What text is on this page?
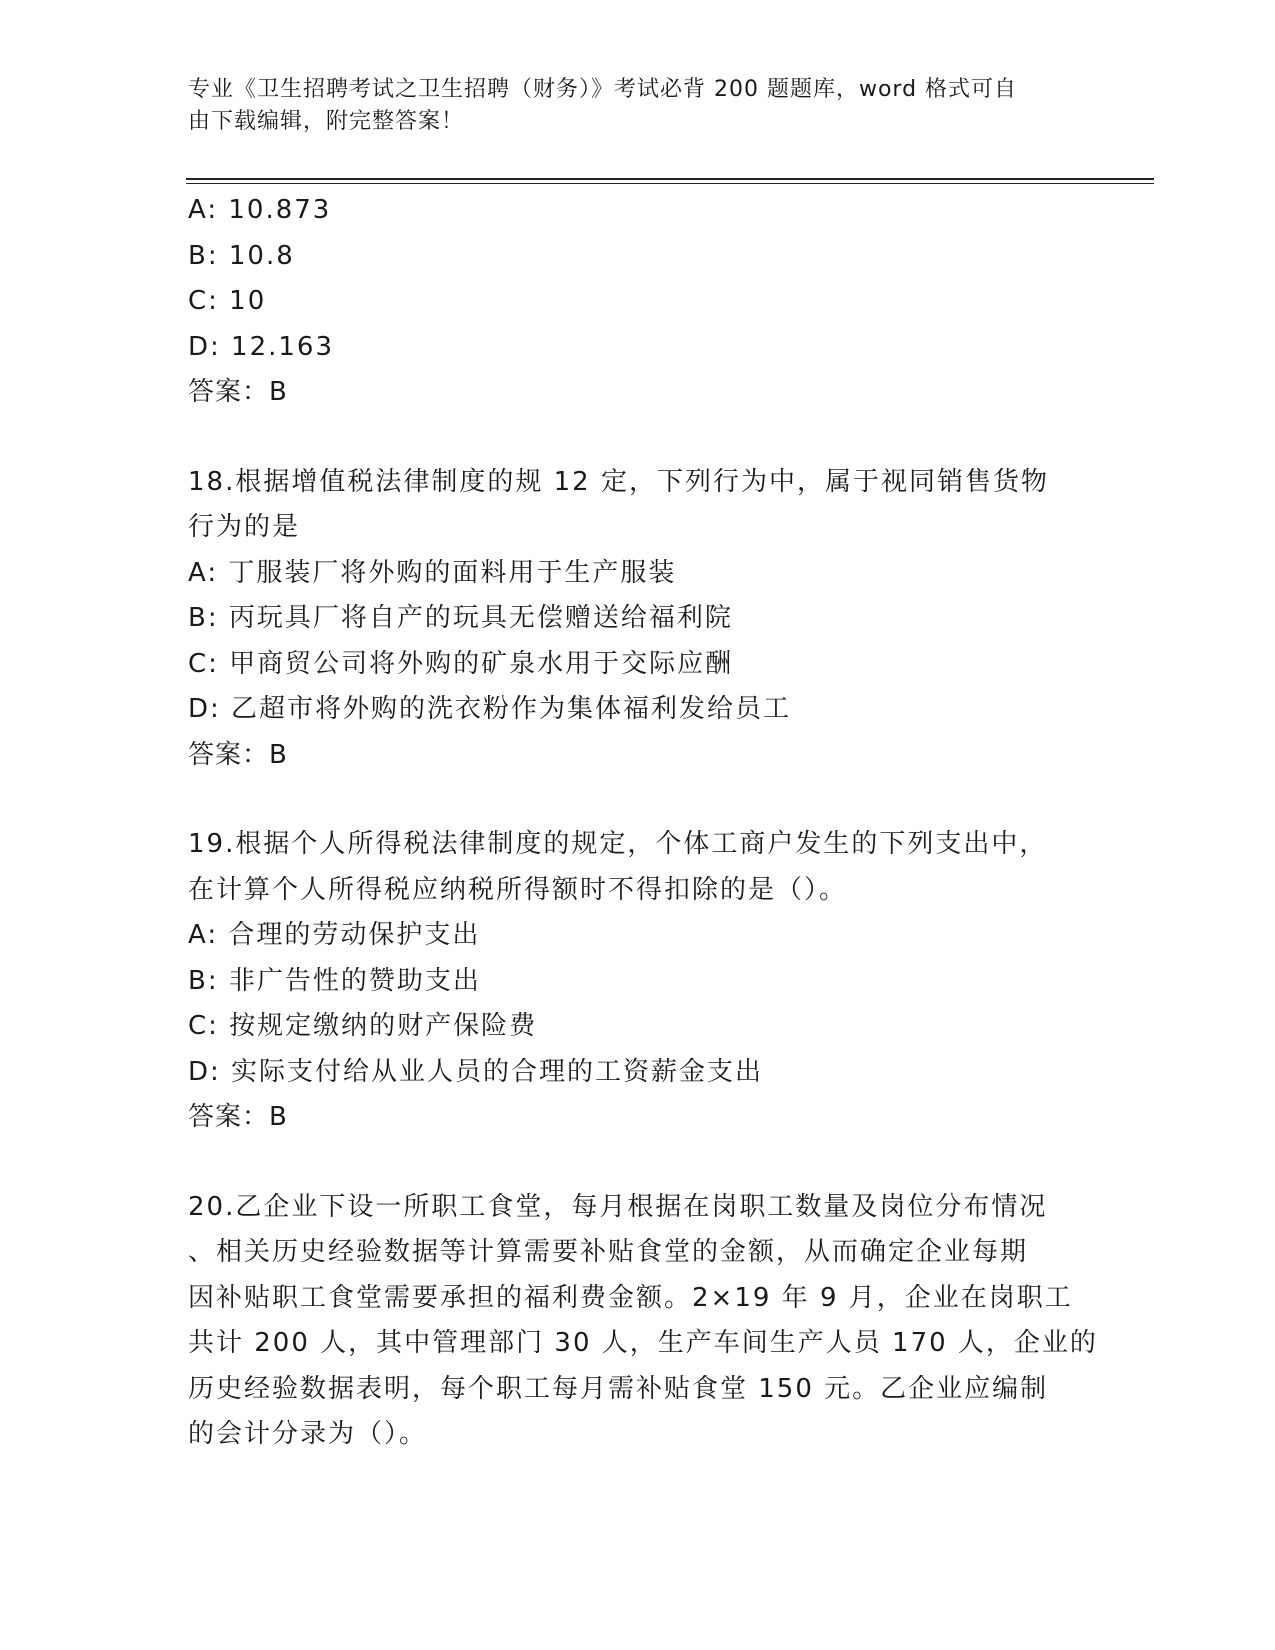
专业《卫生招聘考试之卫生招聘（财务）》考试必背 200 题题库，word 格式可自
由下载编辑，附完整答案！
A: 10.873
B: 10.8
C: 10
D: 12.163
答案：B
18.根据增值税法律制度的规 12 定，下列行为中，属于视同销售货物
行为的是
A: 丁服装厂将外购的面料用于生产服装
B: 丙玩具厂将自产的玩具无偿赠送给福利院
C: 甲商贸公司将外购的矿泉水用于交际应酬
D: 乙超市将外购的洗衣粉作为集体福利发给员工
答案：B
19.根据个人所得税法律制度的规定，个体工商户发生的下列支出中，
在计算个人所得税应纳税所得额时不得扣除的是（）。
A: 合理的劳动保护支出
B: 非广告性的赞助支出
C: 按规定缴纳的财产保险费
D: 实际支付给从业人员的合理的工资薪金支出
答案：B
20.乙企业下设一所职工食堂，每月根据在岗职工数量及岗位分布情况
、相关历史经验数据等计算需要补贴食堂的金额，从而确定企业每期
因补贴职工食堂需要承担的福利费金额。2×19 年 9 月，企业在岗职工
共计 200 人，其中管理部门 30 人，生产车间生产人员 170 人，企业的
历史经验数据表明，每个职工每月需补贴食堂 150 元。乙企业应编制
的会计分录为（）。
